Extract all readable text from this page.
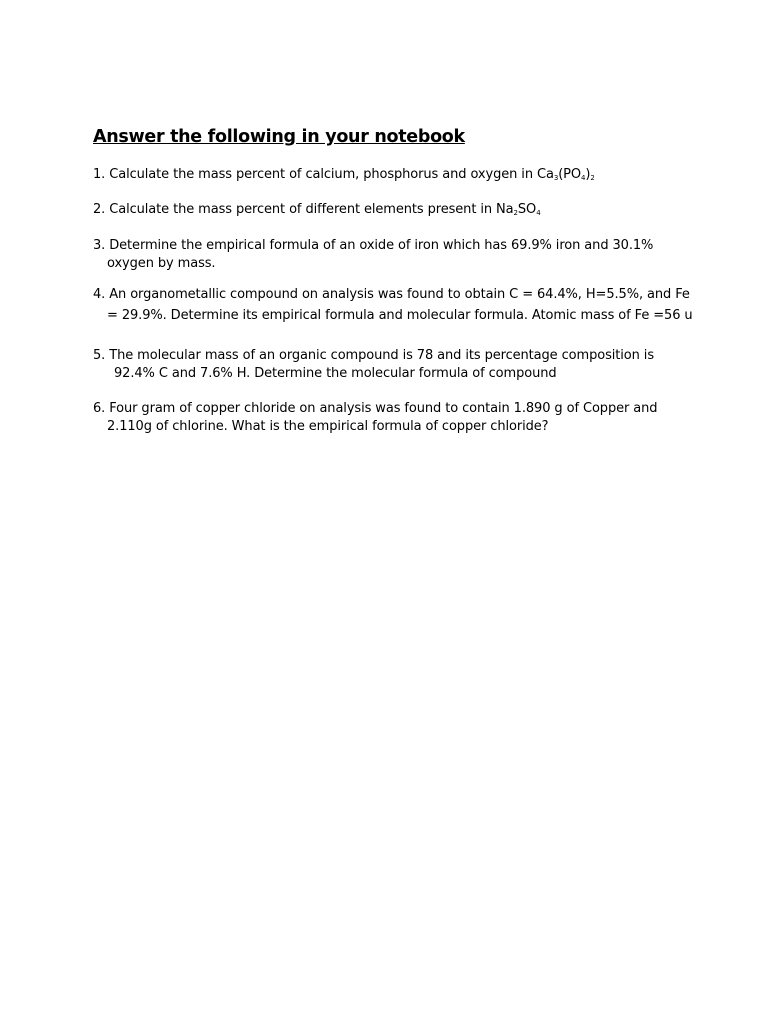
Answer the following in your notebook
1. Calculate the mass percent of calcium, phosphorus and oxygen in $Ca_3(PO_4)_2$
2. Calculate the mass percent of different elements present in $Na_2SO_4$
3. Determine the empirical formula of an oxide of iron which has 69.9% iron and 30.1%
oxygen by mass.
4. An organometallic compound on analysis was found to obtain C = 64.4%, H=5.5%, and Fe
= 29.9%. Determine its empirical formula and molecular formula. Atomic mass of Fe =56 u
5. The molecular mass of an organic compound is 78 and its percentage composition is
92.4% C and 7.6% H. Determine the molecular formula of compound
6. Four gram of copper chloride on analysis was found to contain 1.890 g of Copper and
2.110g of chlorine. What is the empirical formula of copper chloride?
